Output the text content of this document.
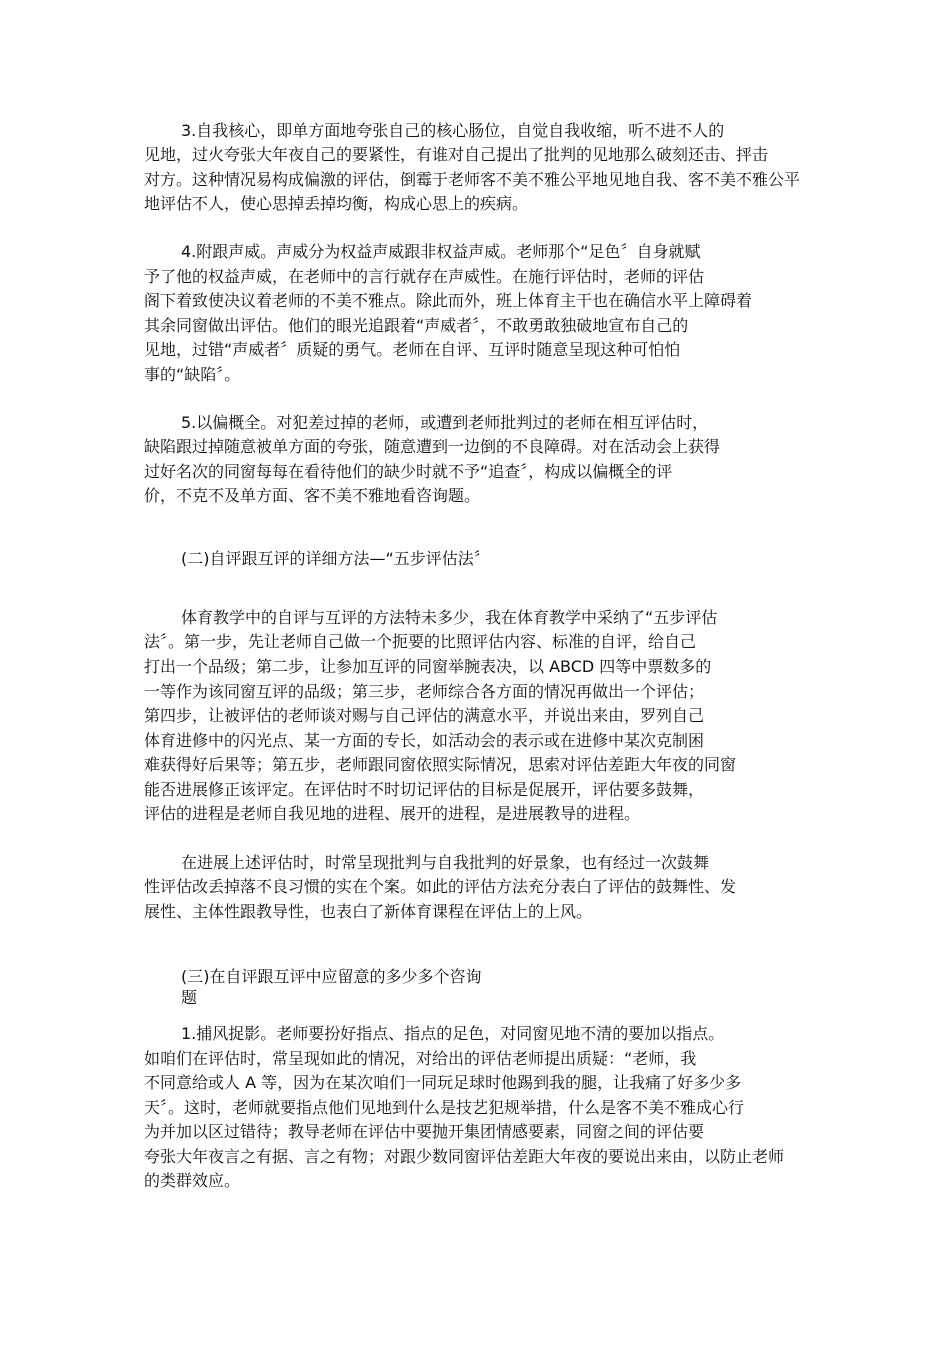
3.自我核心，即单方面地夸张自己的核心肠位，自觉自我收缩，听不进不人的
见地，过火夸张大年夜自己的要紧性，有谁对自己提出了批判的见地那么破刻还击、抨击
对方。这种情况易构成偏激的评估，倒霉于老师客不美不雅公平地见地自我、客不美不雅公平
地评估不人，使心思掉丢掉均衡，构成心思上的疾病。
4.附跟声威。声威分为权益声威跟非权益声威。老师那个“足色〞自身就赋
予了他的权益声威，在老师中的言行就存在声威性。在施行评估时，老师的评估
阁下着致使决议着老师的不美不雅点。除此而外，班上体育主干也在确信水平上障碍着
其余同窗做出评估。他们的眼光追跟着“声威者〞，不敢勇敢独破地宣布自己的
见地，过错“声威者〞质疑的勇气。老师在自评、互评时随意呈现这种可怕怕
事的“缺陷〞。
5.以偏概全。对犯差过掉的老师，或遭到老师批判过的老师在相互评估时，
缺陷跟过掉随意被单方面的夸张，随意遭到一边倒的不良障碍。对在活动会上获得
过好名次的同窗每每在看待他们的缺少时就不予“追查〞，构成以偏概全的评
价，不克不及单方面、客不美不雅地看咨询题。
(二)自评跟互评的详细方法—“五步评估法〞
体育教学中的自评与互评的方法特未多少，我在体育教学中采纳了“五步评估
法〞。第一步，先让老师自己做一个扼要的比照评估内容、标准的自评，给自己
打出一个品级；第二步，让参加互评的同窗举腕表决，以 ABCD 四等中票数多的
一等作为该同窗互评的品级；第三步，老师综合各方面的情况再做出一个评估；
第四步，让被评估的老师谈对赐与自己评估的满意水平，并说出来由，罗列自己
体育进修中的闪光点、某一方面的专长，如活动会的表示或在进修中某次克制困
难获得好后果等；第五步，老师跟同窗依照实际情况，思索对评估差距大年夜的同窗
能否进展修正该评定。在评估时不时切记评估的目标是促展开，评估要多鼓舞，
评估的进程是老师自我见地的进程、展开的进程，是进展教导的进程。
在进展上述评估时，时常呈现批判与自我批判的好景象，也有经过一次鼓舞
性评估改丢掉落不良习惯的实在个案。如此的评估方法充分表白了评估的鼓舞性、发
展性、主体性跟教导性，也表白了新体育课程在评估上的上风。
(三)在自评跟互评中应留意的多少多个咨询
题
1.捕风捉影。老师要扮好指点、指点的足色，对同窗见地不清的要加以指点。
如咱们在评估时，常呈现如此的情况，对给出的评估老师提出质疑：“老师，我
不同意给或人 A 等，因为在某次咱们一同玩足球时他踢到我的腿，让我痛了好多少多
天〞。这时，老师就要指点他们见地到什么是技艺犯规举措，什么是客不美不雅成心行
为并加以区过错待；教导老师在评估中要抛开集团情感要素，同窗之间的评估要
夸张大年夜言之有据、言之有物；对跟少数同窗评估差距大年夜的要说出来由，以防止老师
的类群效应。
